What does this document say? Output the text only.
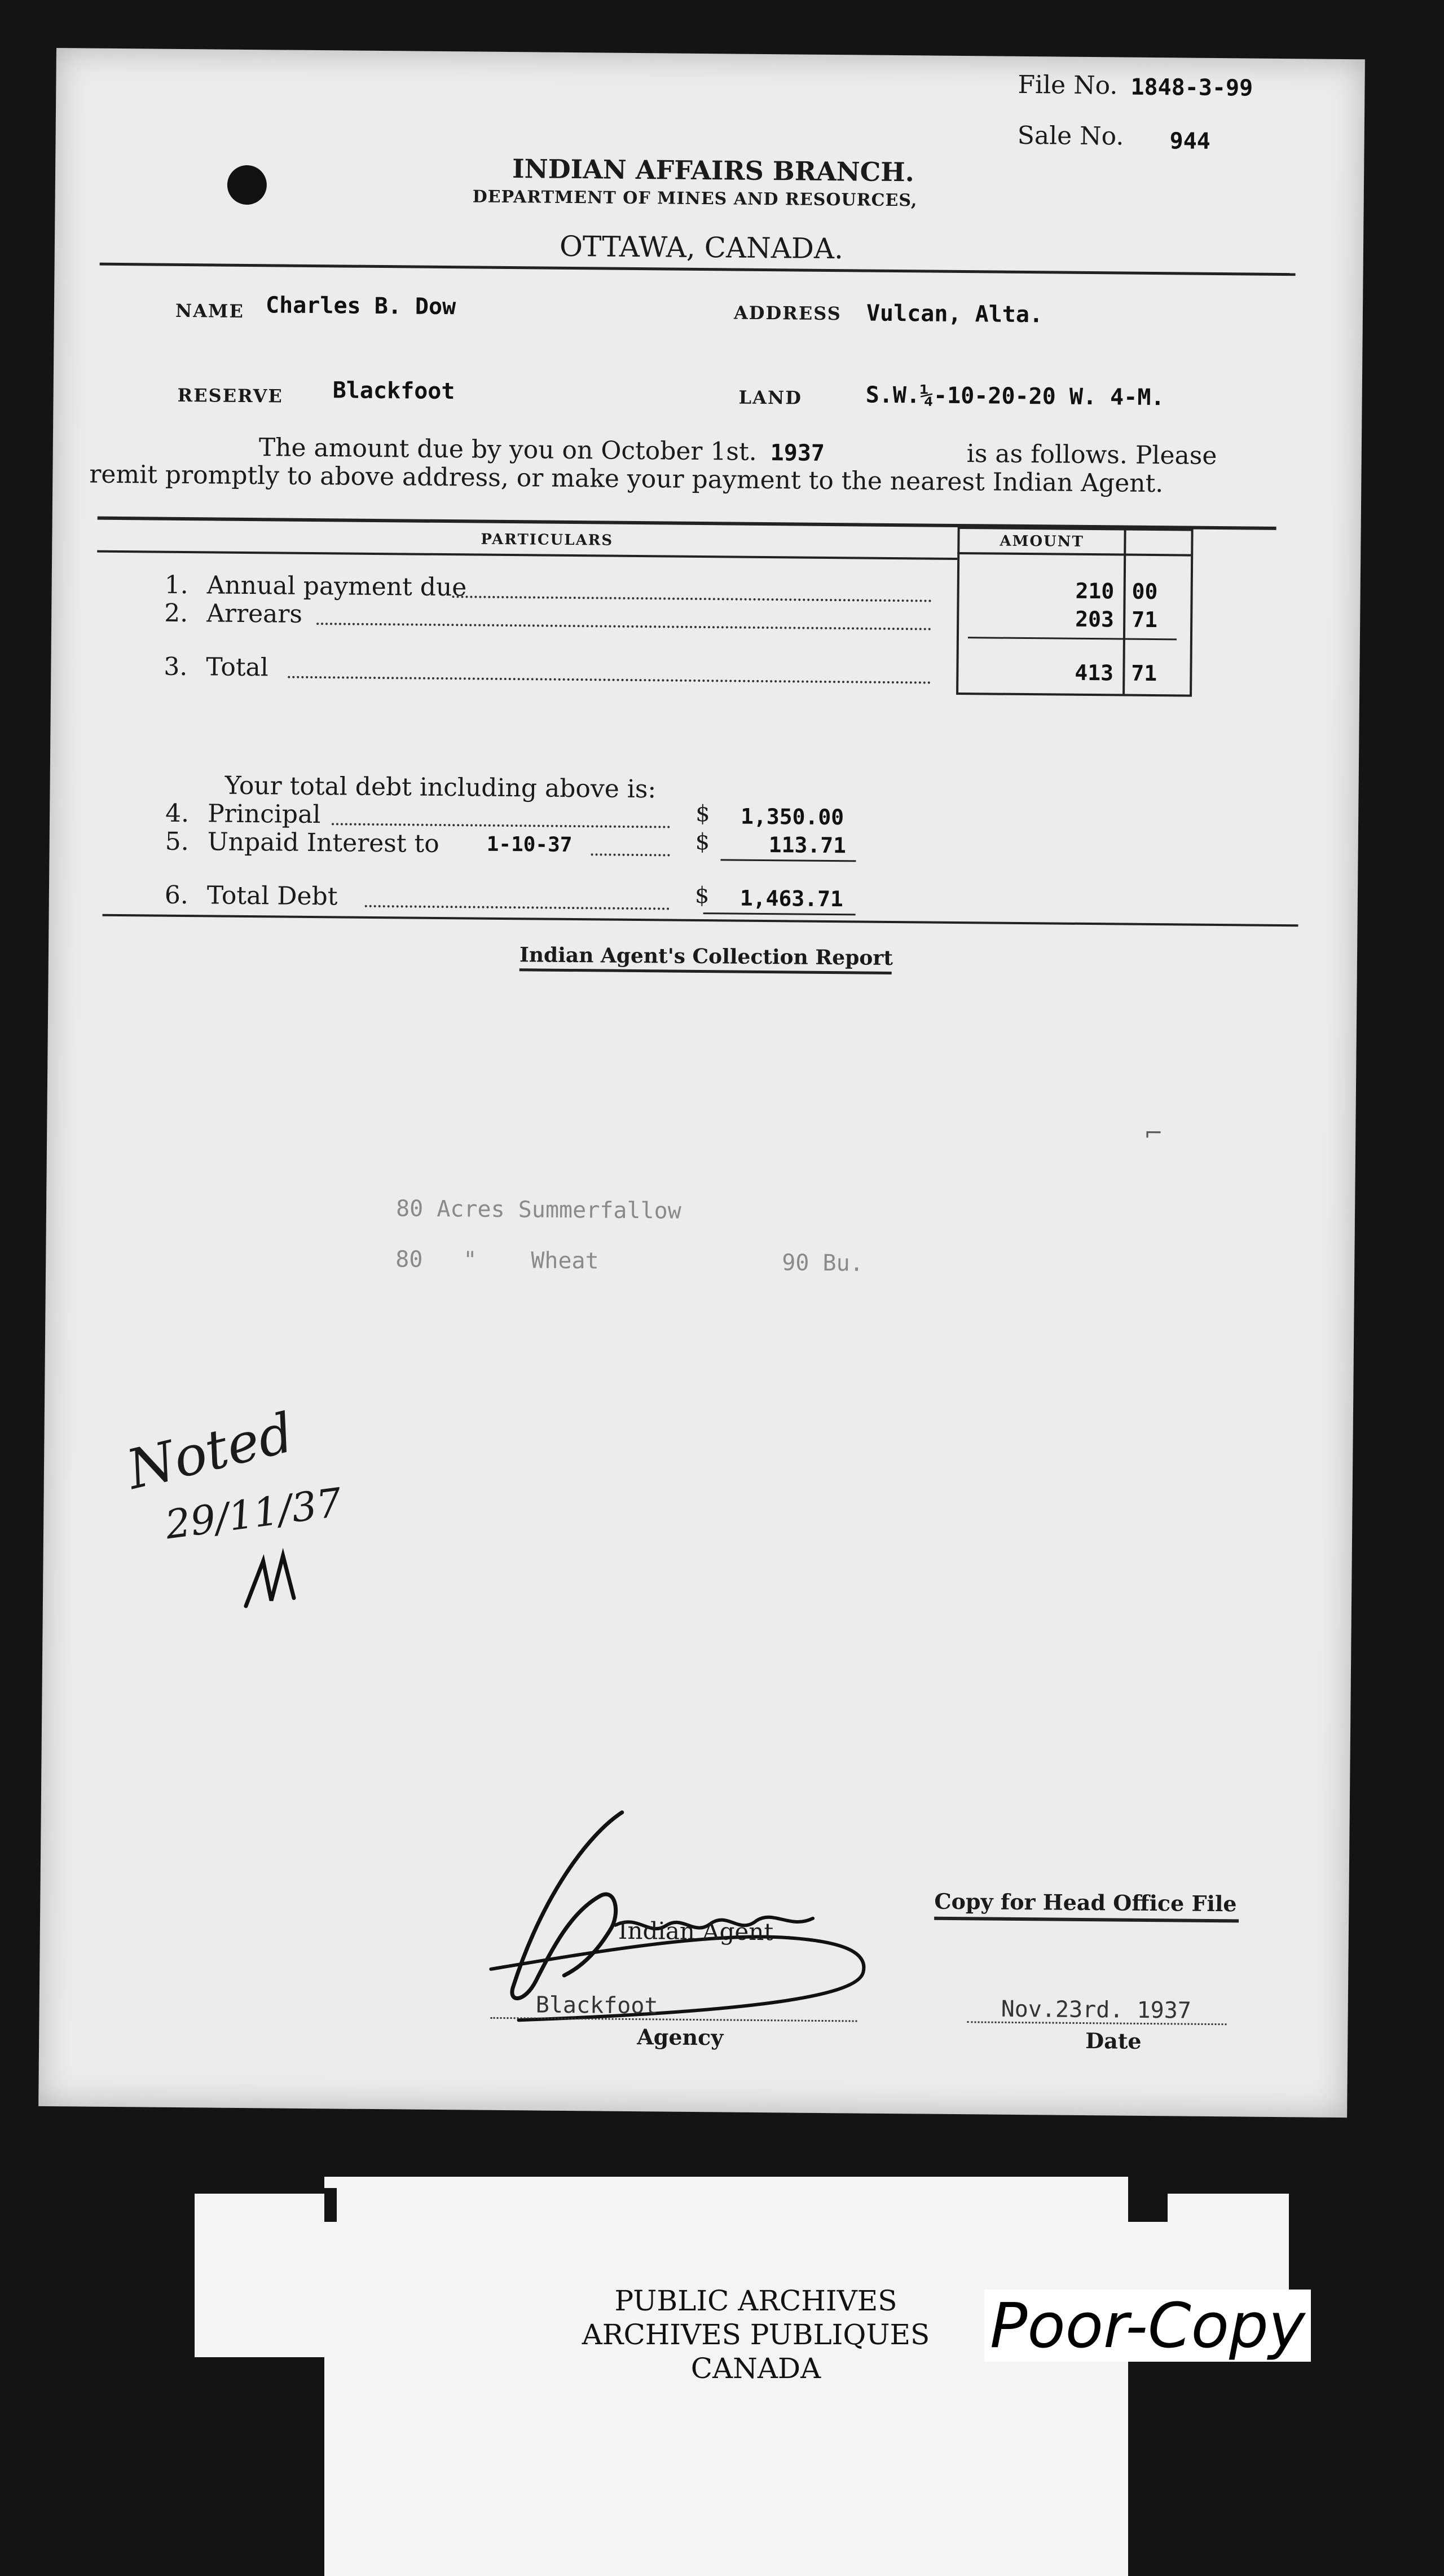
File No. 1848-3-99
Sale No. 944
INDIAN AFFAIRS BRANCH.
DEPARTMENT OF MINES AND RESOURCES,
OTTAWA, CANADA.
NAME Charles B. Dow	ADDRESS Vulcan, Alta.
RESERVE Blackfoot	LAND	S.W.¼-10-20-20 W. 4-M.
The amount due by you on October 1st. 1937	is as follows. Please
remit promptly to above address, or make your payment to the nearest Indian Agent.
PARTICULARS	AMOUNT
1. Annual payment due	210 00
2. Arrears	203 71
3. Total	413 71
Your total debt including above is:
4. Principal	$ 1,350.00
5. Unpaid Interest to 1-10-37	$	113.71
6. Total Debt	$ 1,463.71
Indian Agent's Collection Report
⌐
80 Acres Summerfallow
80 " Wheat	90 Bu.
Noted
29/11/37
Indian Agent
Copy for Head Office File
Blackfoot
Agency
Nov.23rd. 1937
Date
PUBLIC ARCHIVES
ARCHIVES PUBLIQUES
CANADA
Poor-Copy
